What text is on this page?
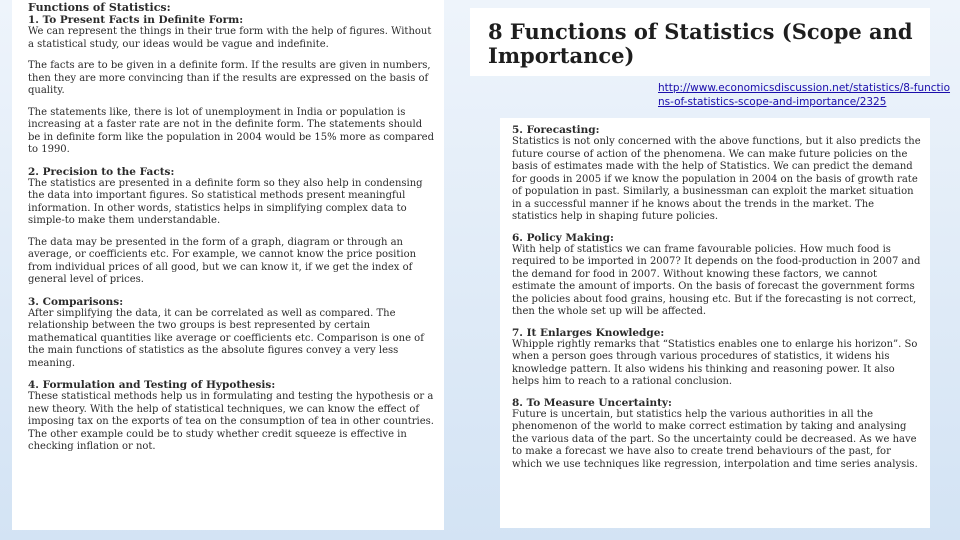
8 Functions of Statistics (Scope and Importance)
http://www.economicsdiscussion.net/statistics/8-functions-of-statistics-scope-and-importance/2325

Functions of Statistics:

1. To Present Facts in Definite Form:

We can represent the things in their true form with the help of figures. Without a statistical study, our ideas would be vague and indefinite.

The facts are to be given in a definite form. If the results are given in numbers, then they are more convincing than if the results are expressed on the basis of quality.

The statements like, there is lot of unemployment in India or population is increasing at a faster rate are not in the definite form. The statements should be in definite form like the population in 2004 would be 15% more as compared to 1990.

2. Precision to the Facts:

The statistics are presented in a definite form so they also help in condensing the data into important figures. So statistical methods present meaningful information. In other words, statistics helps in simplifying complex data to simple-to make them understandable.

The data may be presented in the form of a graph, diagram or through an average, or coefficients etc. For example, we cannot know the price position from individual prices of all good, but we can know it, if we get the index of general level of prices.

3. Comparisons:

After simplifying the data, it can be correlated as well as compared. The relationship between the two groups is best represented by certain mathematical quantities like average or coefficients etc. Comparison is one of the main functions of statistics as the absolute figures convey a very less meaning.

4. Formulation and Testing of Hypothesis:

These statistical methods help us in formulating and testing the hypothesis or a new theory. With the help of statistical techniques, we can know the effect of imposing tax on the exports of tea on the consumption of tea in other countries. The other example could be to study whether credit squeeze is effective in checking inflation or not.

5. Forecasting:

Statistics is not only concerned with the above functions, but it also predicts the future course of action of the phenomena. We can make future policies on the basis of estimates made with the help of Statistics. We can predict the demand for goods in 2005 if we know the population in 2004 on the basis of growth rate of population in past. Similarly, a businessman can exploit the market situation in a successful manner if he knows about the trends in the market. The statistics help in shaping future policies.

6. Policy Making:

With help of statistics we can frame favourable policies. How much food is required to be imported in 2007? It depends on the food-production in 2007 and the demand for food in 2007. Without knowing these factors, we cannot estimate the amount of imports. On the basis of forecast the government forms the policies about food grains, housing etc. But if the forecasting is not correct, then the whole set up will be affected.

7. It Enlarges Knowledge:

Whipple rightly remarks that “Statistics enables one to enlarge his horizon”. So when a person goes through various procedures of statistics, it widens his knowledge pattern. It also widens his thinking and reasoning power. It also helps him to reach to a rational conclusion.

8. To Measure Uncertainty:

Future is uncertain, but statistics help the various authorities in all the phenomenon of the world to make correct estimation by taking and analysing the various data of the part. So the uncertainty could be decreased. As we have to make a forecast we have also to create trend behaviours of the past, for which we use techniques like regression, interpolation and time series analysis.
